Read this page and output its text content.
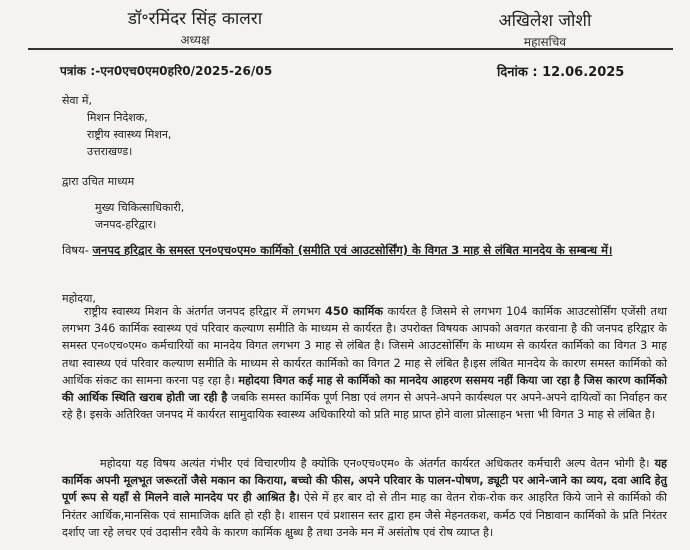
डॉ॰रमिंदर सिंह कालरा
अध्यक्ष
अखिलेश जोशी
महासचिव
पत्रांक :-एन0एच0एम0हरि0/2025-26/05	दिनांक : 12.06.2025
सेवा में,
मिशन निदेशक,
राष्ट्रीय स्वास्थ्य मिशन,
उत्तराखण्ड।
द्वारा उचित माध्यम
मुख्य चिकित्साधिकारी,
जनपद-हरिद्वार।
विषय- जनपद हरिद्वार के समस्त एन०एच०एम० कार्मिको (समीति एवं आउटसोर्सिंग) के विगत 3 माह से लंबित मानदेय के सम्बन्ध में।
महोदया,
राष्ट्रीय स्वास्थ्य मिशन के अंतर्गत जनपद हरिद्वार में लगभग 450 कार्मिक कार्यरत है जिसमे से लगभग 104 कार्मिक आउटसोर्सिंग एजेंसी तथा लगभग 346 कार्मिक स्वास्थ्य एवं परिवार कल्याण समीति के माध्यम से कार्यरत है। उपरोक्त विषयक आपको अवगत करवाना है की जनपद हरिद्वार के समस्त एन०एच०एम० कर्मचारियों का मानदेय विगत लगभग 3 माह से लंबित है। जिसमे आउटसोर्सिंग के माध्यम से कार्यरत कार्मिको का विगत 3 माह तथा स्वास्थ्य एवं परिवार कल्याण समीति के माध्यम से कार्यरत कार्मिको का विगत 2 माह से लंबित है।इस लंबित मानदेय के कारण समस्त कार्मिको को आर्थिक संकट का सामना करना पड़ रहा है। महोदया विगत कई माह से कार्मिको का मानदेय आहरण ससमय नहीं किया जा रहा है जिस कारण कार्मिको की आर्थिक स्थिति खराब होती जा रही है जबकि समस्त कार्मिक पूर्ण निष्ठा एवं लगन से अपने-अपने कार्यस्थल पर अपने-अपने दायित्वों का निर्वाहन कर रहे है। इसके अतिरिक्त जनपद में कार्यरत सामुदायिक स्वास्थ्य अधिकारियो को प्रति माह प्राप्त होने वाला प्रोत्साहन भत्ता भी विगत 3 माह से लंबित है।
महोदया यह विषय अत्यंत गंभीर एवं विचारणीय है क्योकि एन०एच०एम० के अंतर्गत कार्यरत अधिकतर कर्मचारी अल्प वेतन भोगी है। यह कार्मिक अपनी मूलभूत जरूरतों जैसे मकान का किराया, बच्चो की फीस, अपने परिवार के पालन-पोषण, ड्यूटी पर आने-जाने का व्यय, दवा आदि हेतु पूर्ण रूप से यहाँ से मिलने वाले मानदेय पर ही आश्रित है। ऐसे में हर बार दो से तीन माह का वेतन रोक-रोक कर आहरित किये जाने से कार्मिको की निरंतर आर्थिक,मानसिक एवं सामाजिक क्षति हो रही है। शासन एवं प्रशासन स्तर द्वारा हम जैसे मेहनतकश, कर्मठ एवं निष्ठावान कार्मिको के प्रति निरंतर दर्शाए जा रहे लचर एवं उदासीन रवैये के कारण कार्मिक क्षुब्ध है तथा उनके मन में असंतोष एवं रोष व्याप्त है।
